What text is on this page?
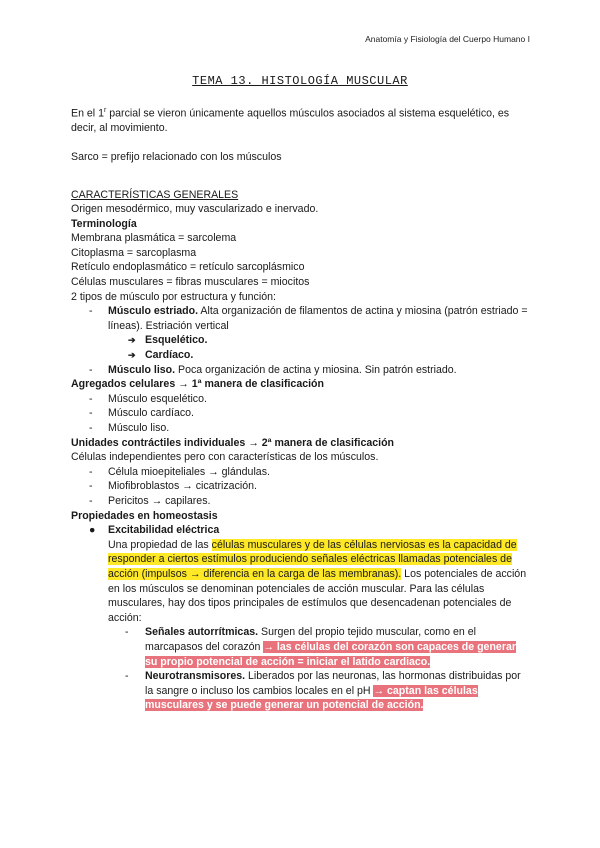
Anatomía y Fisiología del Cuerpo Humano I
TEMA 13. HISTOLOGÍA MUSCULAR

En el 1$^r$ parcial se vieron únicamente aquellos músculos asociados al sistema esquelético, es decir, al movimiento.

Sarco = prefijo relacionado con los músculos

CARACTERÍSTICAS GENERALES

Origen mesodérmico, muy vascularizado e inervado.

Terminología

Membrana plasmática = sarcolema

Citoplasma = sarcoplasma

Retículo endoplasmático = retículo sarcoplásmico

Células musculares = fibras musculares = miocitos

2 tipos de músculo por estructura y función:

- Músculo estriado. Alta organización de filamentos de actina y miosina (patrón estriado = líneas). Estriación vertical
➔ Esquelético.
➔ Cardíaco.
- Músculo liso. Poca organización de actina y miosina. Sin patrón estriado.

Agregados celulares → 1ª manera de clasificación

- Músculo esquelético.
- Músculo cardíaco.
- Músculo liso.

Unidades contráctiles individuales → 2ª manera de clasificación

Células independientes pero con características de los músculos.

- Célula mioepiteliales → glándulas.
- Miofibroblastos → cicatrización.
- Pericitos → capilares.

Propiedades en homeostasis

● Excitabilidad eléctrica
Una propiedad de las células musculares y de las células nerviosas es la capacidad de responder a ciertos estímulos produciendo señales eléctricas llamadas potenciales de acción (impulsos → diferencia en la carga de las membranas). Los potenciales de acción en los músculos se denominan potenciales de acción muscular. Para las células musculares, hay dos tipos principales de estímulos que desencadenan potenciales de acción:
- Señales autorrítmicas. Surgen del propio tejido muscular, como en el marcapasos del corazón → las células del corazón son capaces de generar su propio potencial de acción = iniciar el latido cardiaco.
- Neurotransmisores. Liberados por las neuronas, las hormonas distribuidas por la sangre o incluso los cambios locales en el pH → captan las células musculares y se puede generar un potencial de acción.
